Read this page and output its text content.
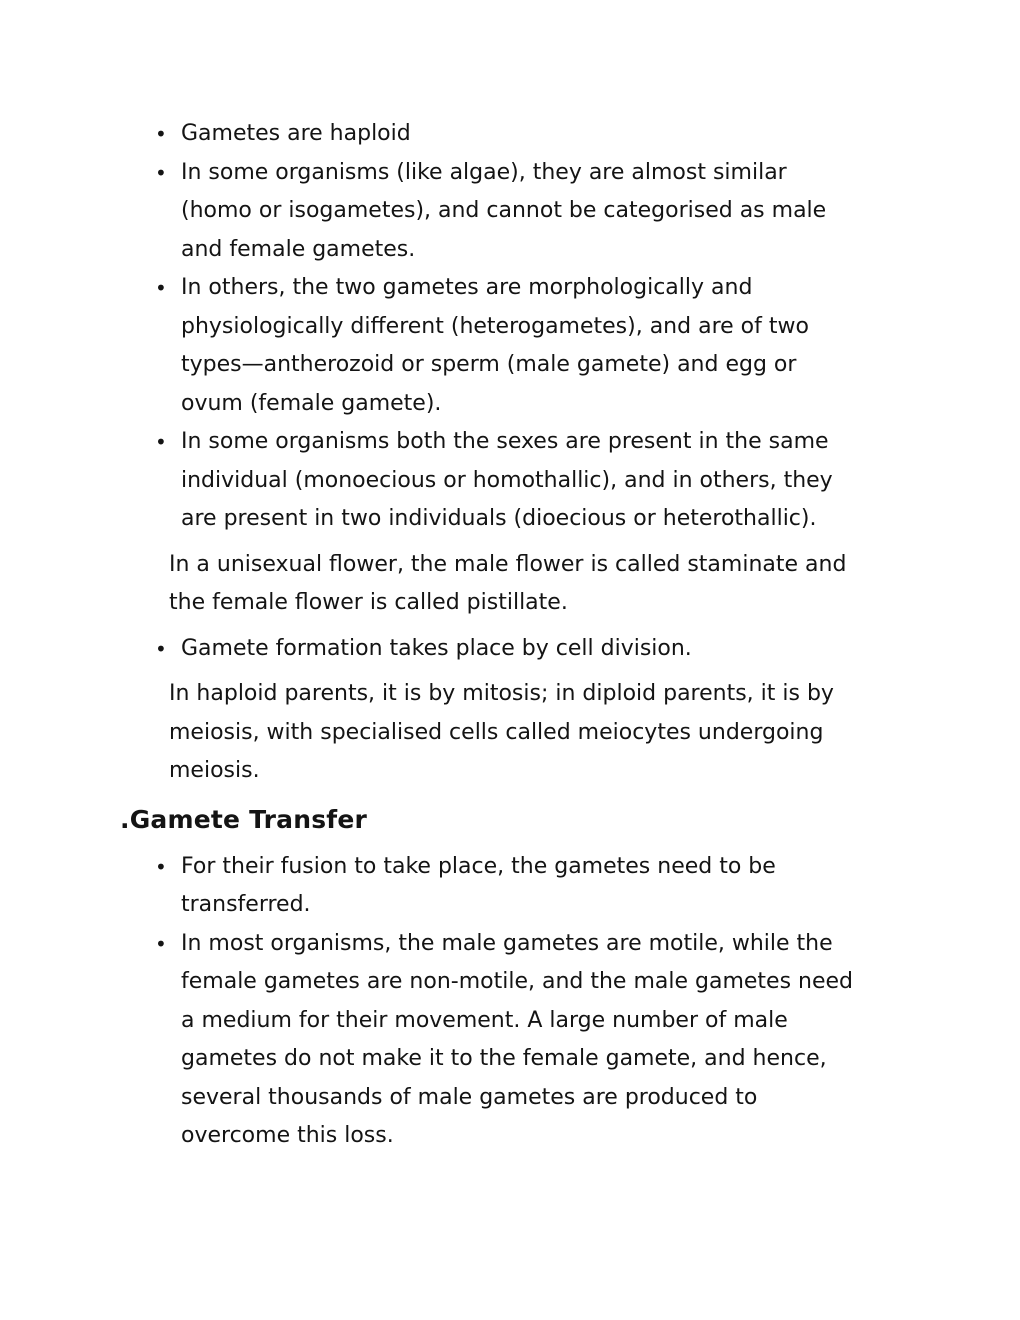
• Gametes are haploid
• In some organisms (like algae), they are almost similar
(homo or isogametes), and cannot be categorised as male
and female gametes.
• In others, the two gametes are morphologically and
physiologically different (heterogametes), and are of two
types—antherozoid or sperm (male gamete) and egg or
ovum (female gamete).
• In some organisms both the sexes are present in the same
individual (monoecious or homothallic), and in others, they
are present in two individuals (dioecious or heterothallic).
In a unisexual flower, the male flower is called staminate and
the female flower is called pistillate.
• Gamete formation takes place by cell division.
In haploid parents, it is by mitosis; in diploid parents, it is by
meiosis, with specialised cells called meiocytes undergoing
meiosis.
.Gamete Transfer
• For their fusion to take place, the gametes need to be
transferred.
• In most organisms, the male gametes are motile, while the
female gametes are non-motile, and the male gametes need
a medium for their movement. A large number of male
gametes do not make it to the female gamete, and hence,
several thousands of male gametes are produced to
overcome this loss.
